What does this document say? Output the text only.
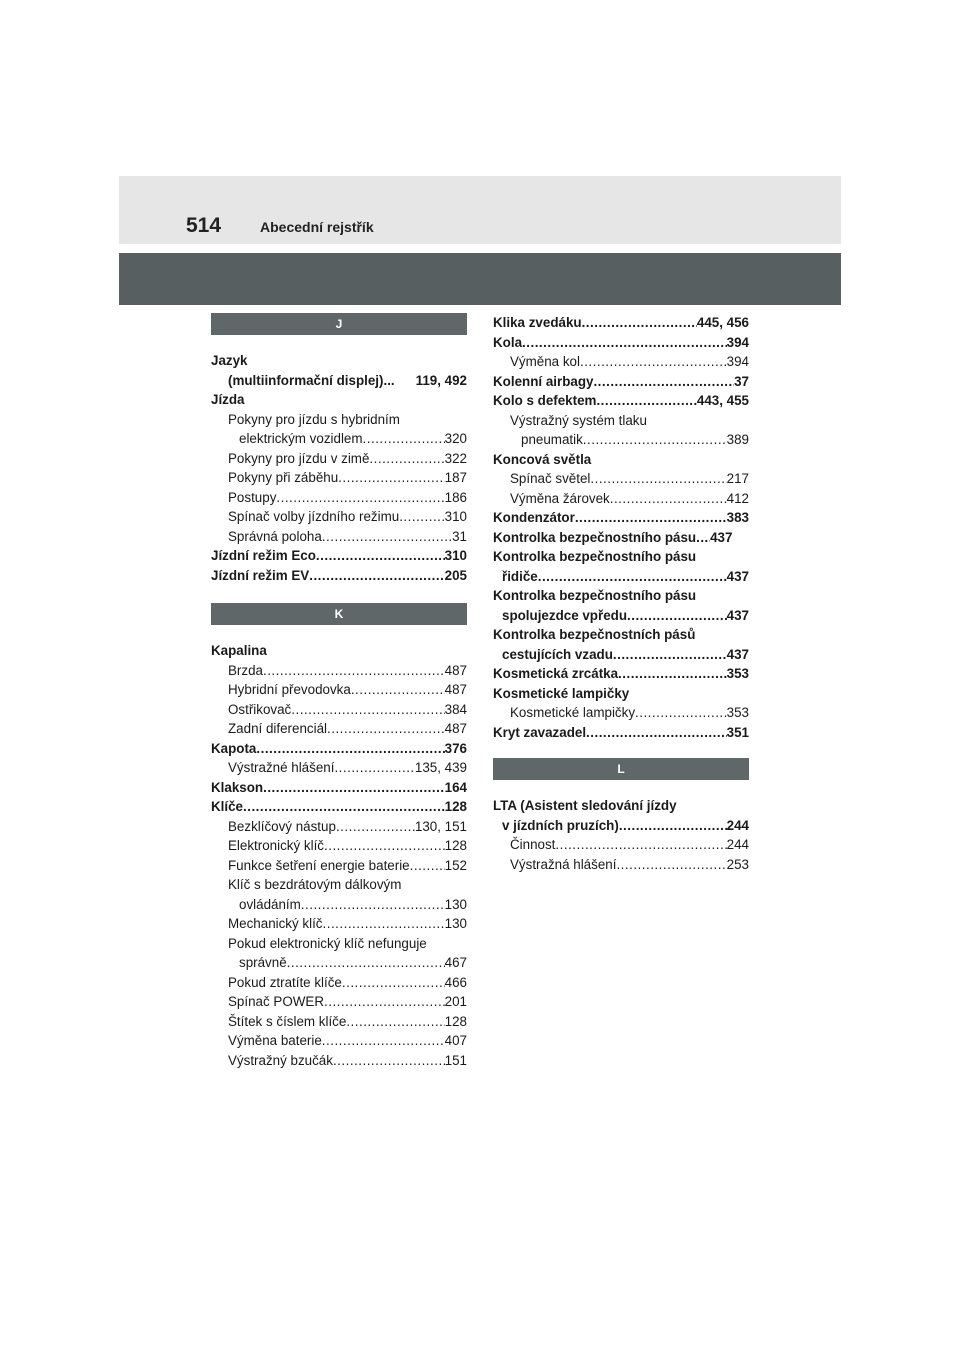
514	Abecední rejstřík
J
Jazyk
(multiinformační displej)... 119, 492
Jízda
Pokyny pro jízdu s hybridním
elektrickým vozidlem .....	320
Pokyny pro jízdu v zimě .....	322
Pokyny při záběhu .....	187
Postupy .....	186
Spínač volby jízdního režimu .....	310
Správná poloha .....	31
Jízdní režim Eco .....	310
Jízdní režim EV .....	205
K
Kapalina
Brzda .....	487
Hybridní převodovka .....	487
Ostřikovač .....	384
Zadní diferenciál .....	487
Kapota .....	376
Výstražné hlášení .....	135, 439
Klakson .....	164
Klíče .....	128
Bezklíčový nástup .....	130, 151
Elektronický klíč .....	128
Funkce šetření energie baterie .....	152
Klíč s bezdrátovým dálkovým
ovládáním .....	130
Mechanický klíč .....	130
Pokud elektronický klíč nefunguje
správně .....	467
Pokud ztratíte klíče .....	466
Spínač POWER .....	201
Štítek s číslem klíče .....	128
Výměna baterie .....	407
Výstražný bzučák .....	151
Klika zvedáku .....	445, 456
Kola .....	394
Výměna kol .....	394
Kolenní airbagy .....	37
Kolo s defektem .....	443, 455
Výstražný systém tlaku
pneumatik .....	389
Koncová světla
Spínač světel .....	217
Výměna žárovek .....	412
Kondenzátor .....	383
Kontrolka bezpečnostního pásu ..... 437
Kontrolka bezpečnostního pásu
řidiče .....	437
Kontrolka bezpečnostního pásu
spolujezdce vpředu .....	437
Kontrolka bezpečnostních pásů
cestujících vzadu .....	437
Kosmetická zrcátka .....	353
Kosmetické lampičky
Kosmetické lampičky .....	353
Kryt zavazadel .....	351
L
LTA (Asistent sledování jízdy
v jízdních pruzích) .....	244
Činnost .....	244
Výstražná hlášení .....	253
